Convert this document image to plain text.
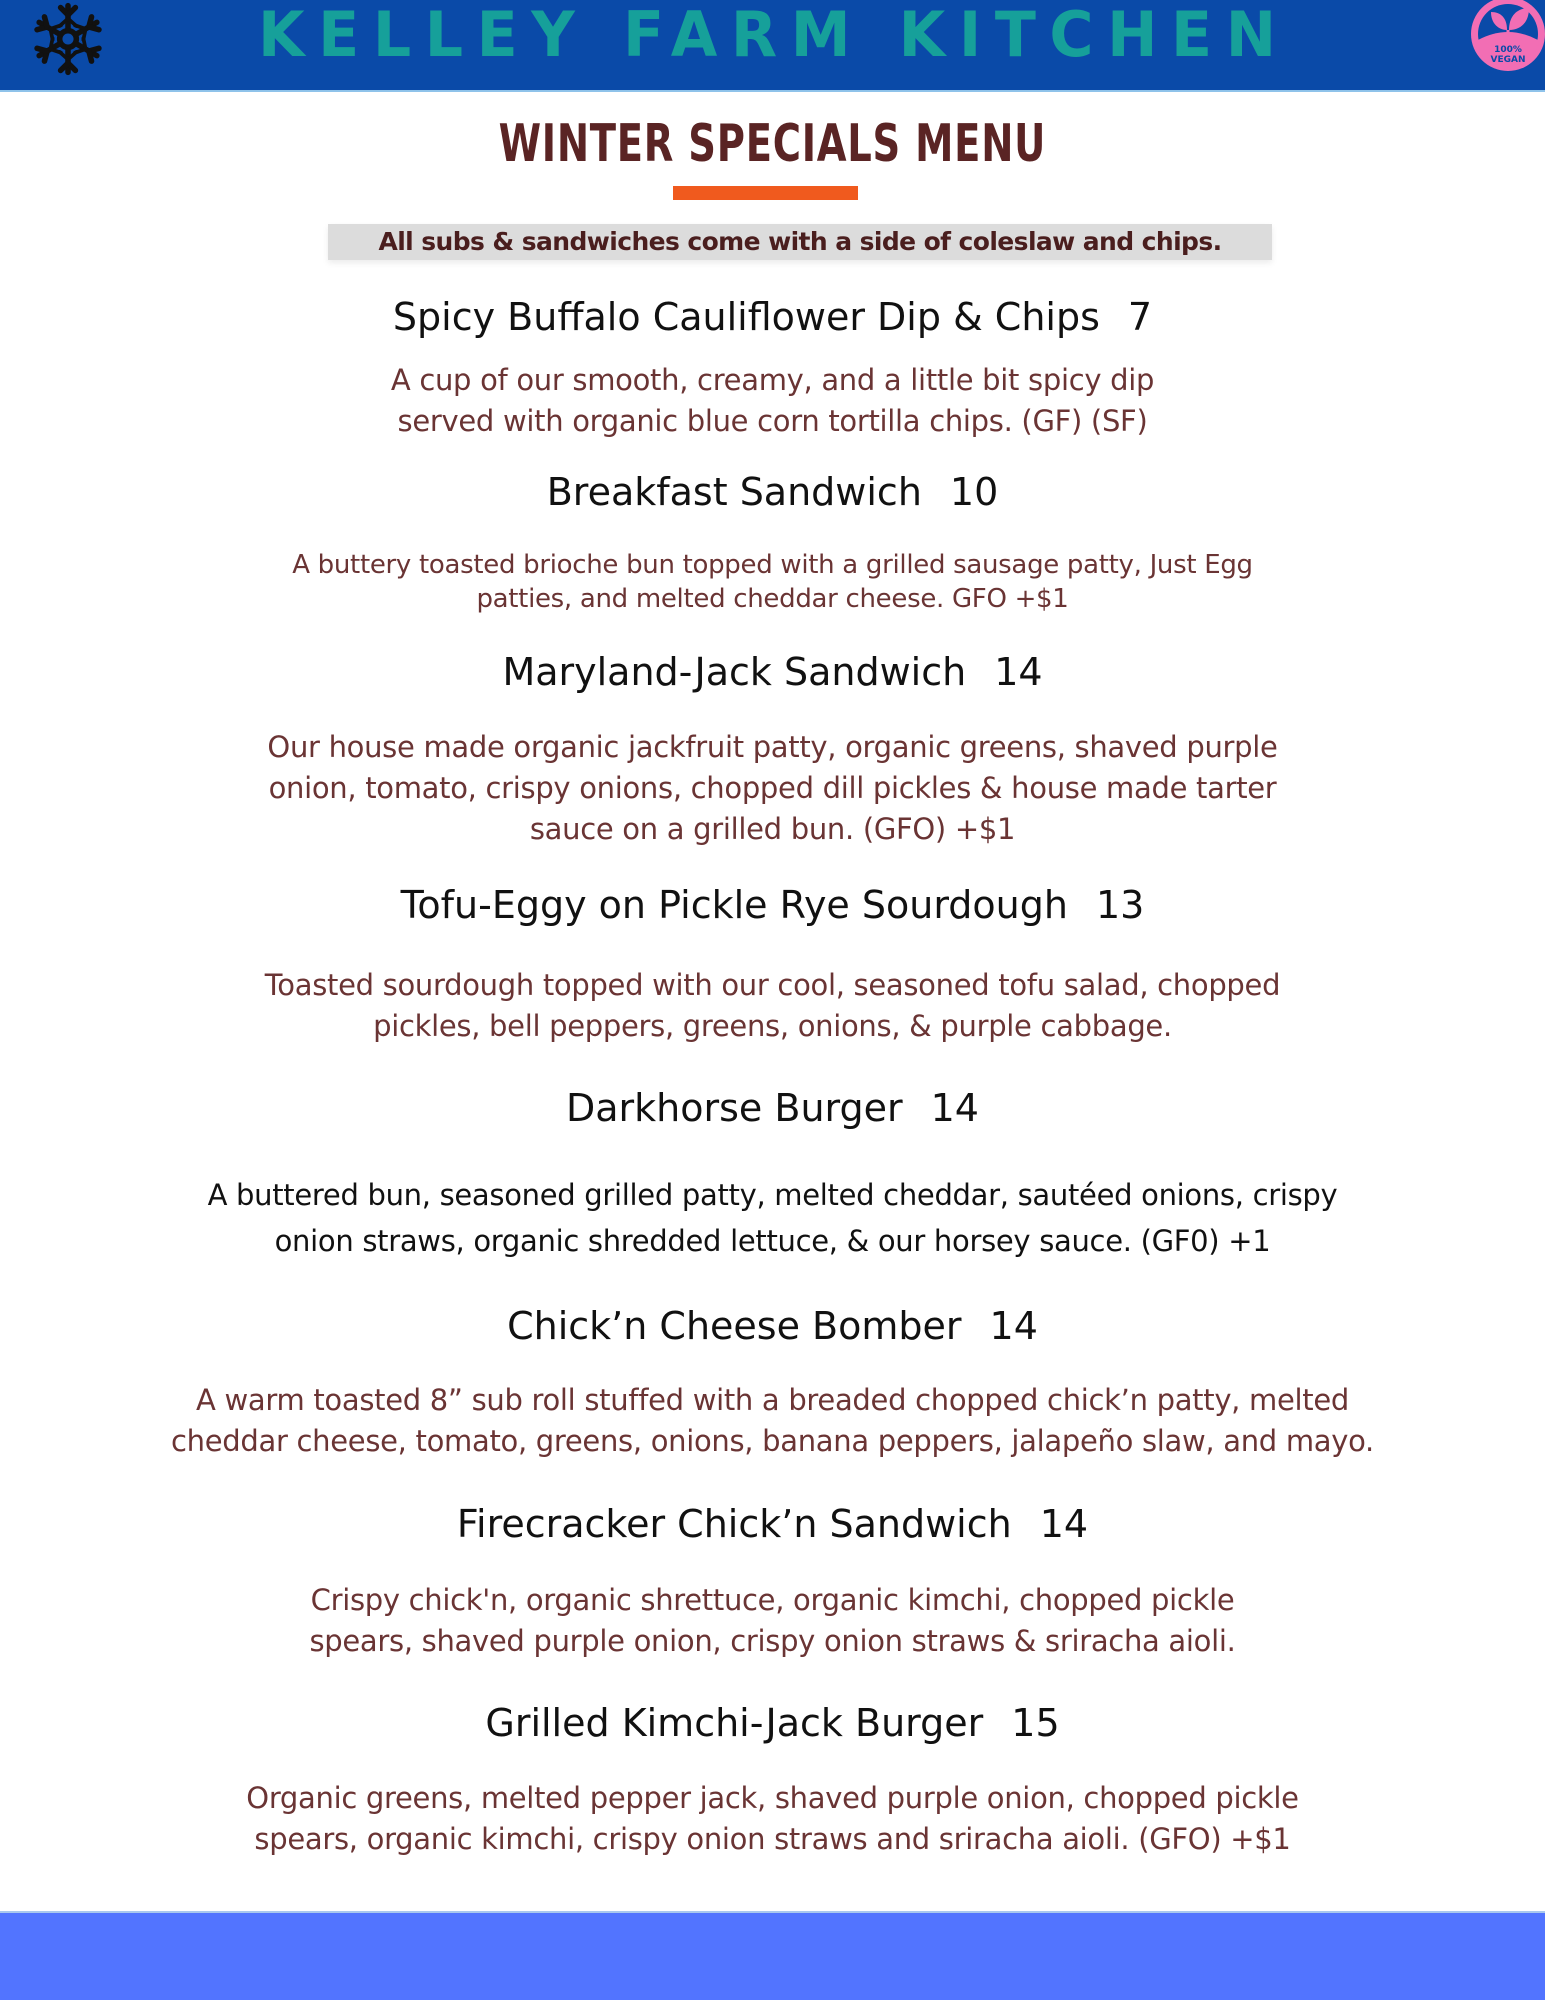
KELLEY FARM KITCHEN	100%
VEGAN
WINTER SPECIALS MENU
All subs & sandwiches come with a side of coleslaw and chips.
Spicy Buffalo Cauliflower Dip & Chips 7
A cup of our smooth, creamy, and a little bit spicy dip
served with organic blue corn tortilla chips. (GF) (SF)
Breakfast Sandwich 10
A buttery toasted brioche bun topped with a grilled sausage patty, Just Egg
patties, and melted cheddar cheese. GFO +$1
Maryland-Jack Sandwich 14
Our house made organic jackfruit patty, organic greens, shaved purple
onion, tomato, crispy onions, chopped dill pickles & house made tarter
sauce on a grilled bun. (GFO) +$1
Tofu-Eggy on Pickle Rye Sourdough 13
Toasted sourdough topped with our cool, seasoned tofu salad, chopped
pickles, bell peppers, greens, onions, & purple cabbage.
Darkhorse Burger 14
A buttered bun, seasoned grilled patty, melted cheddar, sautéed onions, crispy
onion straws, organic shredded lettuce, & our horsey sauce. (GF0) +1
Chick’n Cheese Bomber 14
A warm toasted 8” sub roll stuffed with a breaded chopped chick’n patty, melted
cheddar cheese, tomato, greens, onions, banana peppers, jalapeño slaw, and mayo.
Firecracker Chick’n Sandwich 14
Crispy chick'n, organic shrettuce, organic kimchi, chopped pickle
spears, shaved purple onion, crispy onion straws & sriracha aioli.
Grilled Kimchi-Jack Burger 15
Organic greens, melted pepper jack, shaved purple onion, chopped pickle
spears, organic kimchi, crispy onion straws and sriracha aioli. (GFO) +$1
